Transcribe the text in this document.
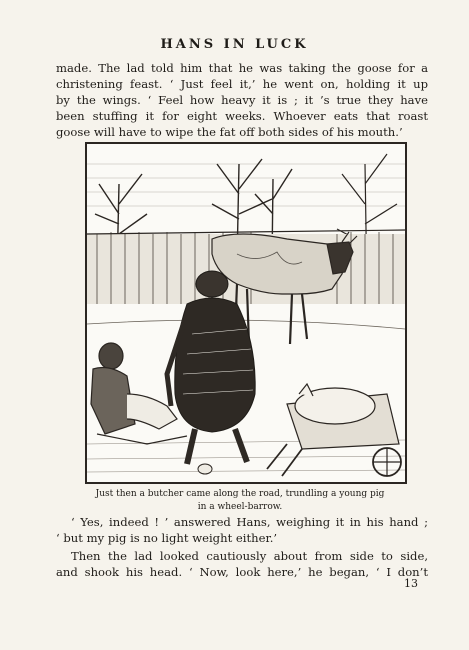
HANS IN LUCK
made. The lad told him that he was taking the goose for a
christening feast. ‘ Just feel it,’ he went on, holding it up
by the wings. ‘ Feel how heavy it is ; it ’s true they have
been stuffing it for eight weeks. Whoever eats that roast
goose will have to wipe the fat off both sides of his mouth.’
Just then a butcher came along the road, trundling a young pig
in a wheel-barrow.
‘ Yes, indeed ! ’ answered Hans, weighing it in his hand ;
‘ but my pig is no light weight either.’
Then the lad looked cautiously about from side to side,
and shook his head. ‘ Now, look here,’ he began, ‘ I don’t
13
